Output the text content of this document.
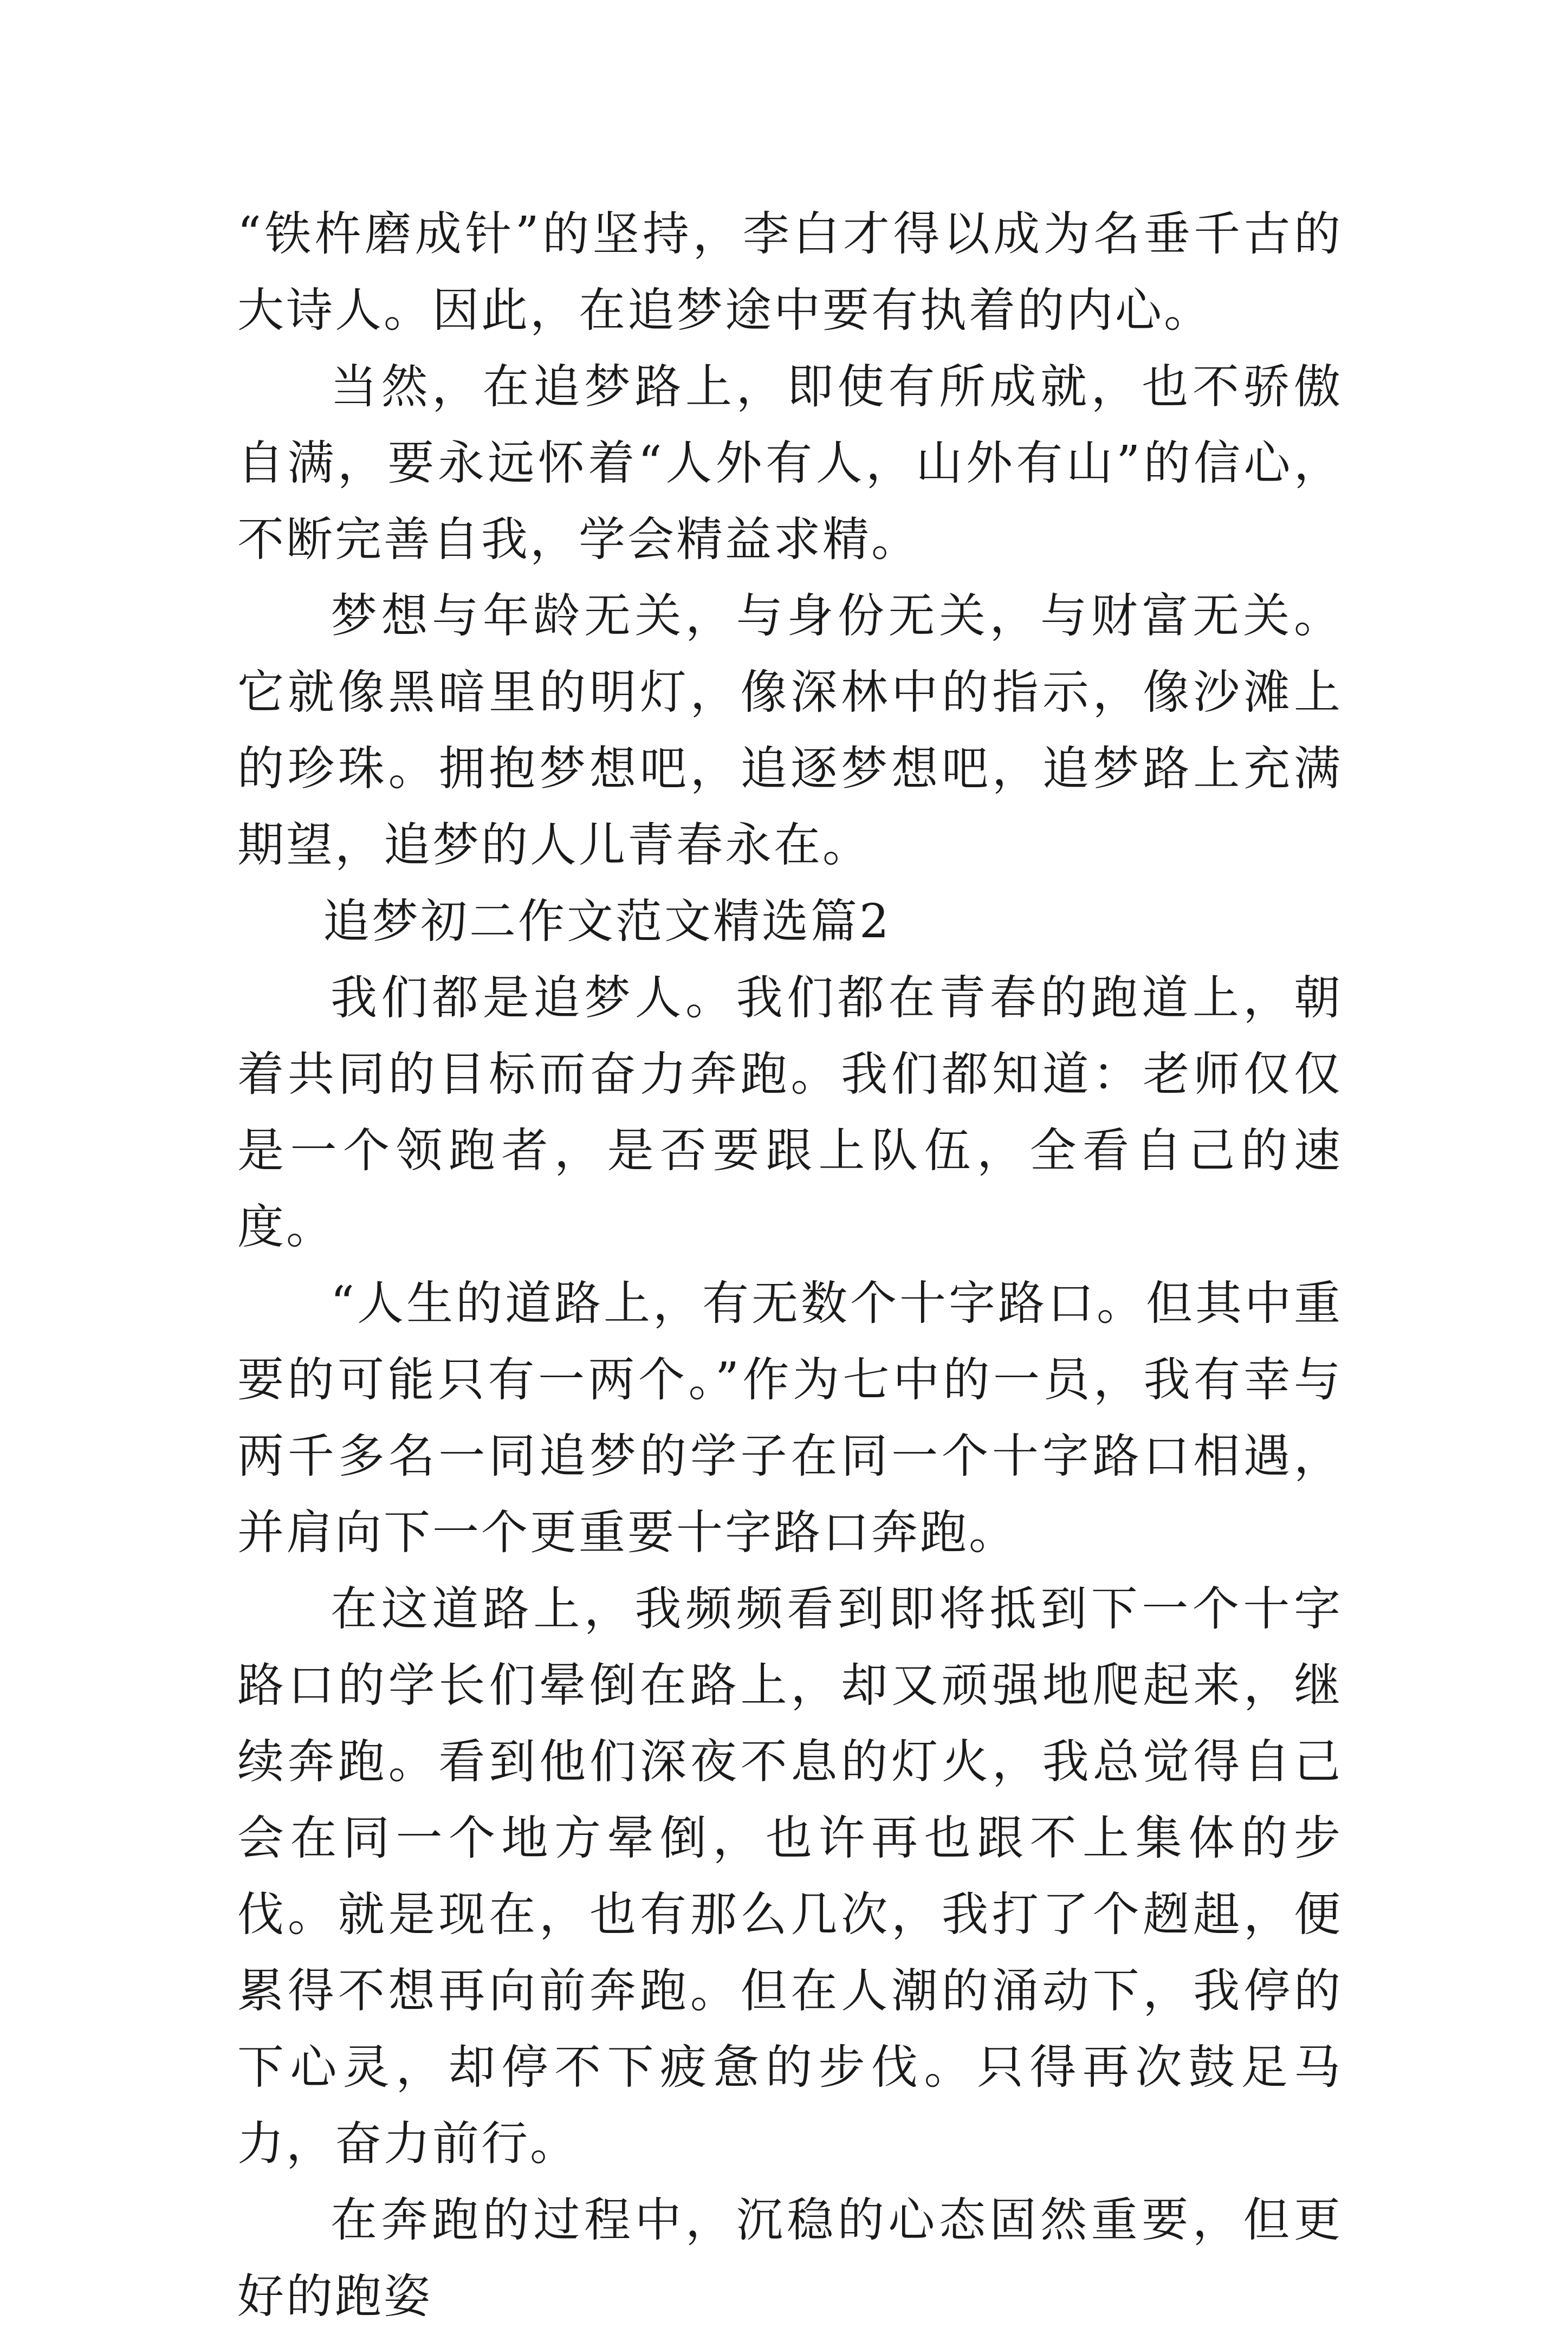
“铁杵磨成针”的坚持，李白才得以成为名垂千古的大诗人。因此，在追梦途中要有执着的内心。

当然，在追梦路上，即使有所成就，也不骄傲自满，要永远怀着“人外有人，山外有山”的信心，不断完善自我，学会精益求精。

梦想与年龄无关，与身份无关，与财富无关。它就像黑暗里的明灯，像深林中的指示，像沙滩上的珍珠。拥抱梦想吧，追逐梦想吧，追梦路上充满期望，追梦的人儿青春永在。

追梦初二作文范文精选篇2

我们都是追梦人。我们都在青春的跑道上，朝着共同的目标而奋力奔跑。我们都知道：老师仅仅是一个领跑者，是否要跟上队伍，全看自己的速度。

“人生的道路上，有无数个十字路口。但其中重要的可能只有一两个。”作为七中的一员，我有幸与两千多名一同追梦的学子在同一个十字路口相遇，并肩向下一个更重要十字路口奔跑。

在这道路上，我频频看到即将抵到下一个十字路口的学长们晕倒在路上，却又顽强地爬起来，继续奔跑。看到他们深夜不息的灯火，我总觉得自己会在同一个地方晕倒，也许再也跟不上集体的步伐。就是现在，也有那么几次，我打了个趔趄，便累得不想再向前奔跑。但在人潮的涌动下，我停的下心灵，却停不下疲惫的步伐。只得再次鼓足马力，奋力前行。

在奔跑的过程中，沉稳的心态固然重要，但更好的跑姿
